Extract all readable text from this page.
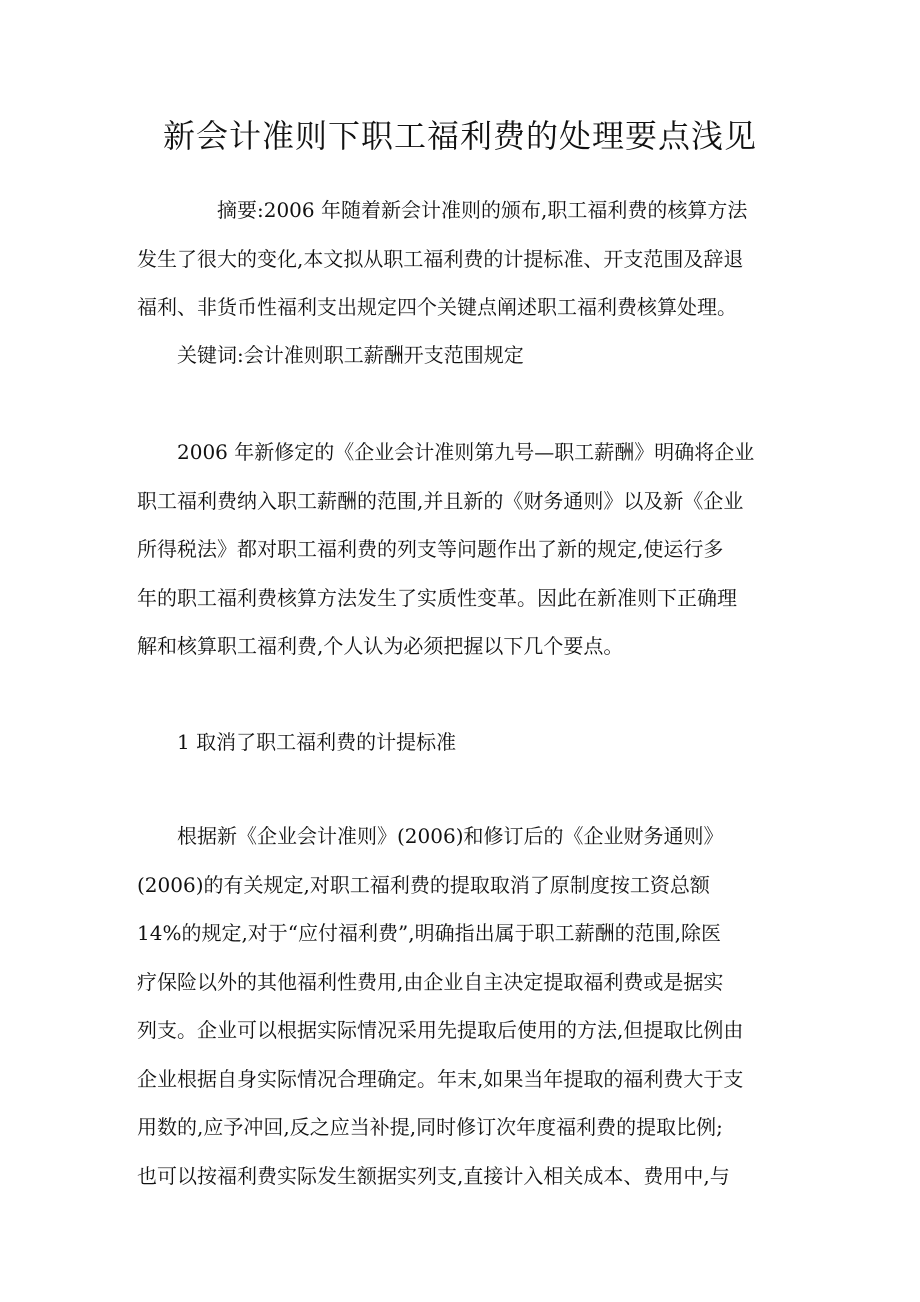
新会计准则下职工福利费的处理要点浅见
摘要:2006 年随着新会计准则的颁布,职工福利费的核算方法
发生了很大的变化,本文拟从职工福利费的计提标准、开支范围及辞退
福利、非货币性福利支出规定四个关键点阐述职工福利费核算处理。
关键词:会计准则职工薪酬开支范围规定
2006 年新修定的《企业会计准则第九号—职工薪酬》明确将企业
职工福利费纳入职工薪酬的范围,并且新的《财务通则》以及新《企业
所得税法》都对职工福利费的列支等问题作出了新的规定,使运行多
年的职工福利费核算方法发生了实质性变革。因此在新准则下正确理
解和核算职工福利费,个人认为必须把握以下几个要点。
1 取消了职工福利费的计提标准
根据新《企业会计准则》(2006)和修订后的《企业财务通则》
(2006)的有关规定,对职工福利费的提取取消了原制度按工资总额
14%的规定,对于“应付福利费”,明确指出属于职工薪酬的范围,除医
疗保险以外的其他福利性费用,由企业自主决定提取福利费或是据实
列支。企业可以根据实际情况采用先提取后使用的方法,但提取比例由
企业根据自身实际情况合理确定。年末,如果当年提取的福利费大于支
用数的,应予冲回,反之应当补提,同时修订次年度福利费的提取比例;
也可以按福利费实际发生额据实列支,直接计入相关成本、费用中,与
